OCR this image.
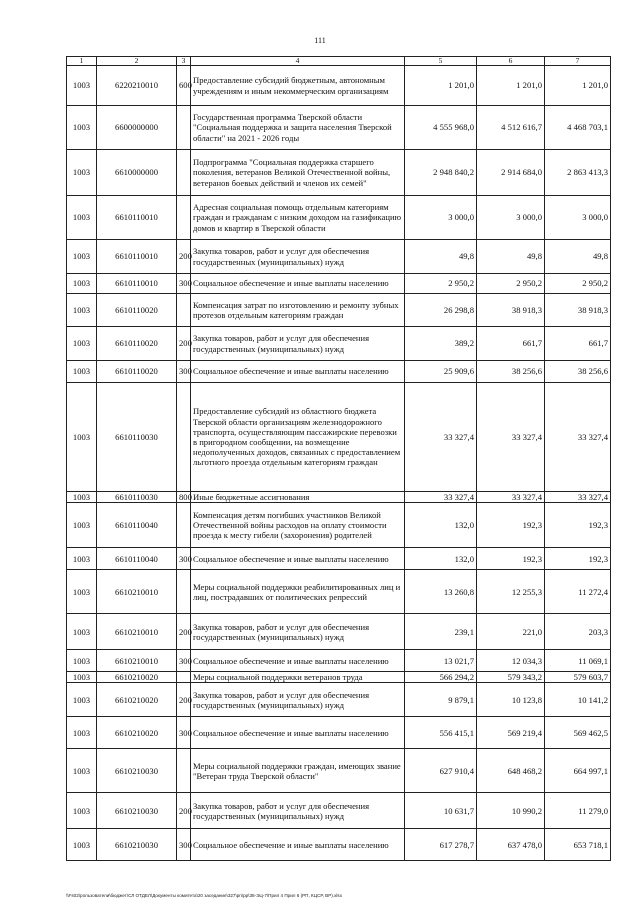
111
1	2	3	4	5	6	7
1003	6220210010	600	Предоставление субсидий бюджетным, автономным учреждениям и иным некоммерческим организациям	1 201,0	1 201,0	1 201,0
1003	6600000000		Государственная программа Тверской области "Социальная поддержка и защита населения Тверской области" на 2021 - 2026 годы	4 555 968,0	4 512 616,7	4 468 703,1
1003	6610000000		Подпрограмма "Социальная поддержка старшего поколения, ветеранов Великой Отечественной войны, ветеранов боевых действий и членов их семей"	2 948 840,2	2 914 684,0	2 863 413,3
1003	6610110010		Адресная социальная помощь отдельным категориям граждан и гражданам с низким доходом на газификацию домов и квартир в Тверской области	3 000,0	3 000,0	3 000,0
1003	6610110010	200	Закупка товаров, работ и услуг для обеспечения государственных (муниципальных) нужд	49,8	49,8	49,8
1003	6610110010	300	Социальное обеспечение и иные выплаты населению	2 950,2	2 950,2	2 950,2
1003	6610110020		Компенсация затрат по изготовлению и ремонту зубных протезов отдельным категориям граждан	26 298,8	38 918,3	38 918,3
1003	6610110020	200	Закупка товаров, работ и услуг для обеспечения государственных (муниципальных) нужд	389,2	661,7	661,7
1003	6610110020	300	Социальное обеспечение и иные выплаты населению	25 909,6	38 256,6	38 256,6
1003	6610110030		Предоставление субсидий из областного бюджета Тверской области организациям железнодорожного транспорта, осуществляющим пассажирские перевозки в пригородном сообщении, на возмещение недополученных доходов, связанных с предоставлением льготного проезда отдельным категориям граждан	33 327,4	33 327,4	33 327,4
1003	6610110030	800	Иные бюджетные ассигнования	33 327,4	33 327,4	33 327,4
1003	6610110040		Компенсация детям погибших участников Великой Отечественной войны расходов на оплату стоимости проезда к месту гибели (захоронения) родителей	132,0	192,3	192,3
1003	6610110040	300	Социальное обеспечение и иные выплаты населению	132,0	192,3	192,3
1003	6610210010		Меры социальной поддержки реабилитированных лиц и лиц, пострадавших от политических репрессий	13 260,8	12 255,3	11 272,4
1003	6610210010	200	Закупка товаров, работ и услуг для обеспечения государственных (муниципальных) нужд	239,1	221,0	203,3
1003	6610210010	300	Социальное обеспечение и иные выплаты населению	13 021,7	12 034,3	11 069,1
1003	6610210020		Меры социальной поддержки ветеранов труда	566 294,2	579 343,2	579 603,7
1003	6610210020	200	Закупка товаров, работ и услуг для обеспечения государственных (муниципальных) нужд	9 879,1	10 123,8	10 141,2
1003	6610210020	300	Социальное обеспечение и иные выплаты населению	556 415,1	569 219,4	569 462,5
1003	6610210030		Меры социальной поддержки граждан, имеющих звание "Ветеран труда Тверской области"	627 910,4	648 468,2	664 997,1
1003	6610210030	200	Закупка товаров, работ и услуг для обеспечения государственных (муниципальных) нужд	10 631,7	10 990,2	11 279,0
1003	6610210030	300	Социальное обеспечение и иные выплаты населению	617 278,7	637 478,0	653 718,1
\\Fs02\рользователи\бюджет\СЛ ОТДЕЛ\Документы комитета\20 заседание\327\рп\рр\38-ЭЦ-7\Прил 4 Прил 6 (РП, КЦСР, ВР).xlsx
